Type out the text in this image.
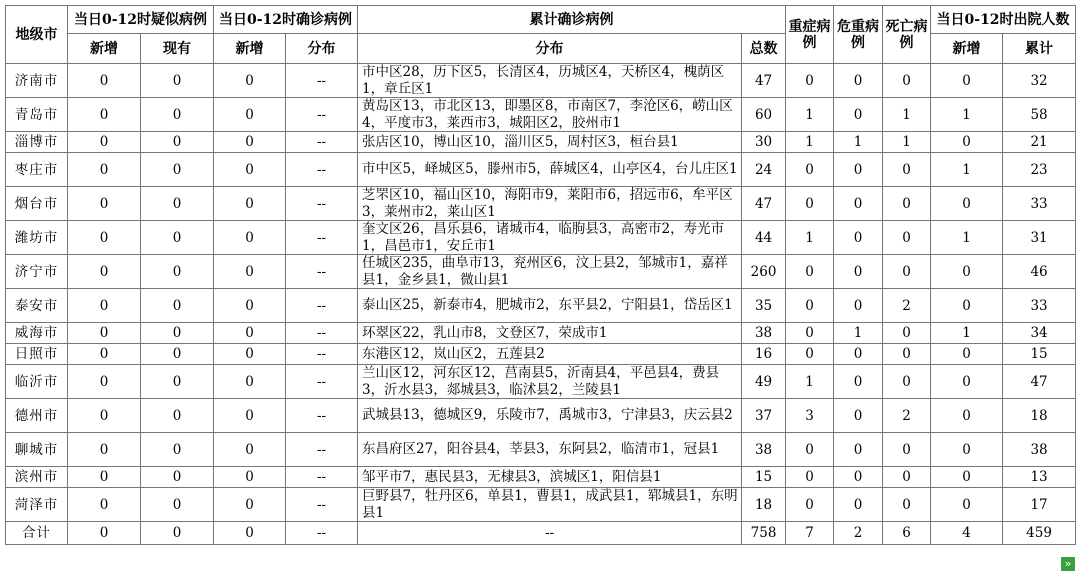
地级市	当日0-12时疑似病例		当日0-12时确诊病例		累计确诊病例		重症病例	危重病例	死亡病例	当日0-12时出院人数	
	新增	现有	新增	分布	分布	总数				新增	累计
济南市	0	0	0	--	市中区28，历下区5，长清区4，历城区4，天桥区4，槐荫区1，章丘区1	47	0	0	0	0	32
青岛市	0	0	0	--	黄岛区13，市北区13，即墨区8，市南区7，李沧区6，崂山区4，平度市3，莱西市3，城阳区2，胶州市1	60	1	0	1	1	58
淄博市	0	0	0	--	张店区10，博山区10，淄川区5，周村区3，桓台县1	30	1	1	1	0	21
枣庄市	0	0	0	--	市中区5，峄城区5，滕州市5，薛城区4，山亭区4，台儿庄区1	24	0	0	0	1	23
烟台市	0	0	0	--	芝罘区10，福山区10，海阳市9，莱阳市6，招远市6，牟平区3，莱州市2，莱山区1	47	0	0	0	0	33
潍坊市	0	0	0	--	奎文区26，昌乐县6，诸城市4，临朐县3，高密市2，寿光市1，昌邑市1，安丘市1	44	1	0	0	1	31
济宁市	0	0	0	--	任城区235，曲阜市13，兖州区6，汶上县2，邹城市1，嘉祥县1，金乡县1，微山县1	260	0	0	0	0	46
泰安市	0	0	0	--	泰山区25，新泰市4，肥城市2，东平县2，宁阳县1，岱岳区1	35	0	0	2	0	33
威海市	0	0	0	--	环翠区22，乳山市8，文登区7，荣成市1	38	0	1	0	1	34
日照市	0	0	0	--	东港区12，岚山区2，五莲县2	16	0	0	0	0	15
临沂市	0	0	0	--	兰山区12，河东区12，莒南县5，沂南县4，平邑县4，费县3，沂水县3，郯城县3，临沭县2，兰陵县1	49	1	0	0	0	47
德州市	0	0	0	--	武城县13，德城区9，乐陵市7，禹城市3，宁津县3，庆云县2	37	3	0	2	0	18
聊城市	0	0	0	--	东昌府区27，阳谷县4，莘县3，东阿县2，临清市1，冠县1	38	0	0	0	0	38
滨州市	0	0	0	--	邹平市7，惠民县3，无棣县3，滨城区1，阳信县1	15	0	0	0	0	13
菏泽市	0	0	0	--	巨野县7，牡丹区6，单县1，曹县1，成武县1，郓城县1，东明县1	18	0	0	0	0	17
合计	0	0	0	--	--	758	7	2	6	4	459
»
